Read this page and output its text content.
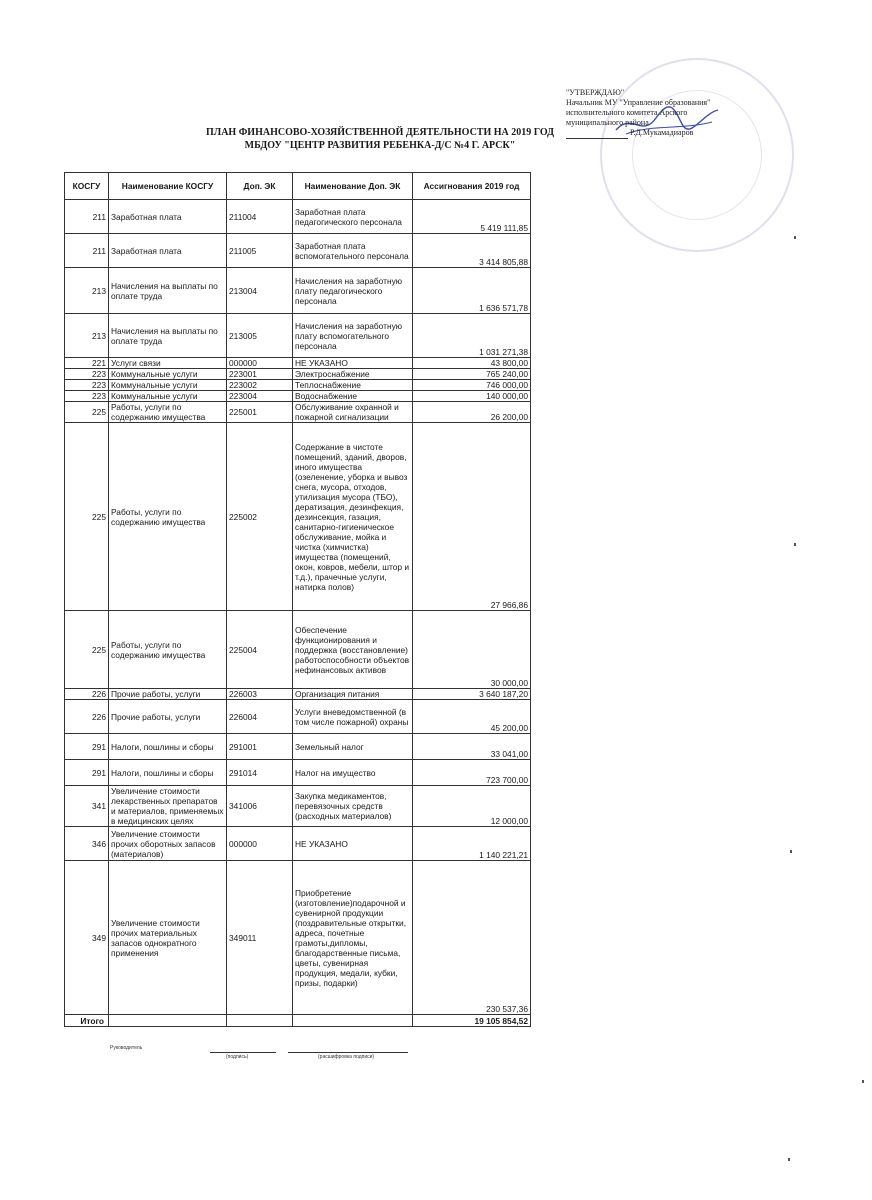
"УТВЕРЖДАЮ"
Начальник МУ "Управление образования"
исполнительного комитета Арского
муниципального района
Р.Д.Мукамадиаров
ПЛАН ФИНАНСОВО-ХОЗЯЙСТВЕННОЙ ДЕЯТЕЛЬНОСТИ НА 2019 ГОД
МБДОУ "ЦЕНТР РАЗВИТИЯ РЕБЕНКА-Д/С №4 Г. АРСК"
КОСГУ	Наименование КОСГУ	Доп. ЭК	Наименование Доп. ЭК	Ассигнования 2019 год
211	Заработная плата	211004	Заработная плата педагогического персонала	5 419 111,85
211	Заработная плата	211005	Заработная плата вспомогательного персонала	3 414 805,88
213	Начисления на выплаты по оплате труда	213004	Начисления на заработную плату педагогического персонала	1 636 571,78
213	Начисления на выплаты по оплате труда	213005	Начисления на заработную плату вспомогательного персонала	1 031 271,38
221	Услуги связи	000000	НЕ УКАЗАНО	43 800,00
223	Коммунальные услуги	223001	Электроснабжение	765 240,00
223	Коммунальные услуги	223002	Теплоснабжение	746 000,00
223	Коммунальные услуги	223004	Водоснабжение	140 000,00
225	Работы, услуги по содержанию имущества	225001	Обслуживание охранной и пожарной сигнализации	26 200,00
225	Работы, услуги по содержанию имущества	225002	Содержание в чистоте помещений, зданий, дворов, иного имущества (озеленение, уборка и вывоз снега, мусора, отходов, утилизация мусора (ТБО), дератизация, дезинфекция, дезинсекция, газация, санитарно-гигиеническое обслуживание, мойка и чистка (химчистка) имущества (помещений, окон, ковров, мебели, штор и т.д.), прачечные услуги, натирка полов)	27 966,86
225	Работы, услуги по содержанию имущества	225004	Обеспечение функционирования и поддержка (восстановление) работоспособности объектов нефинансовых активов	30 000,00
226	Прочие работы, услуги	226003	Организация питания	3 640 187,20
226	Прочие работы, услуги	226004	Услуги вневедомственной (в том числе пожарной) охраны	45 200,00
291	Налоги, пошлины и сборы	291001	Земельный налог	33 041,00
291	Налоги, пошлины и сборы	291014	Налог на имущество	723 700,00
341	Увеличение стоимости лекарственных препаратов и материалов, применяемых в медицинских целях	341006	Закупка медикаментов, перевязочных средств (расходных материалов)	12 000,00
346	Увеличение стоимости прочих оборотных запасов (материалов)	000000	НЕ УКАЗАНО	1 140 221,21
349	Увеличение стоимости прочих материальных запасов однократного применения	349011	Приобретение (изготовление)подарочной и сувенирной продукции (поздравительные открытки, адреса, почетные грамоты,дипломы, благодарственные письма, цветы, сувенирная продукция, медали, кубки, призы, подарки)	230 537,36
Итого				19 105 854,52
Руководитель
(подпись)	(расшифровка подписи)
